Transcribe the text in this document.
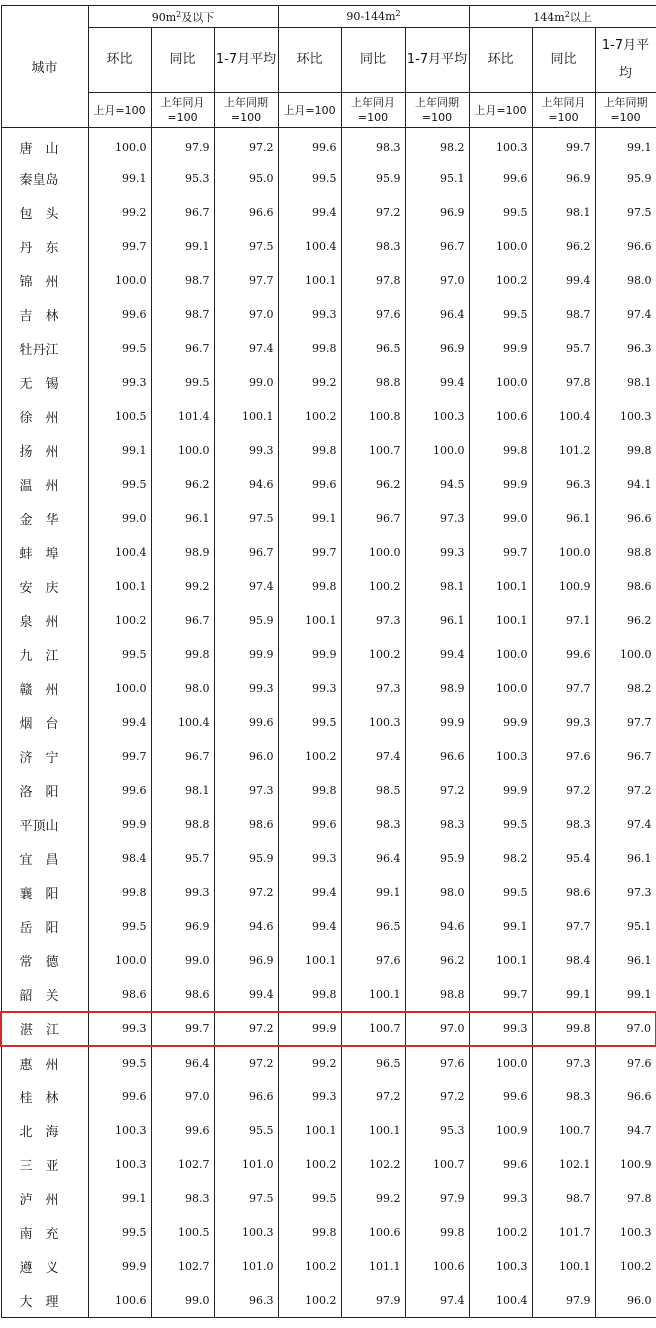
城市	$90m^2$及以下			$90-144m^2$			$144m^2$以上		
	环比	同比	1-7月平均	环比	同比	1-7月平均	环比	同比	1-7月平均
	上月=100	上年同月=100	上年同期=100	上月=100	上年同月=100	上年同期=100	上月=100	上年同月=100	上年同期=100
唐　山	100.0	97.9	97.2	99.6	98.3	98.2	100.3	99.7	99.1
秦皇岛	99.1	95.3	95.0	99.5	95.9	95.1	99.6	96.9	95.9
包　头	99.2	96.7	96.6	99.4	97.2	96.9	99.5	98.1	97.5
丹　东	99.7	99.1	97.5	100.4	98.3	96.7	100.0	96.2	96.6
锦　州	100.0	98.7	97.7	100.1	97.8	97.0	100.2	99.4	98.0
吉　林	99.6	98.7	97.0	99.3	97.6	96.4	99.5	98.7	97.4
牡丹江	99.5	96.7	97.4	99.8	96.5	96.9	99.9	95.7	96.3
无　锡	99.3	99.5	99.0	99.2	98.8	99.4	100.0	97.8	98.1
徐　州	100.5	101.4	100.1	100.2	100.8	100.3	100.6	100.4	100.3
扬　州	99.1	100.0	99.3	99.8	100.7	100.0	99.8	101.2	99.8
温　州	99.5	96.2	94.6	99.6	96.2	94.5	99.9	96.3	94.1
金　华	99.0	96.1	97.5	99.1	96.7	97.3	99.0	96.1	96.6
蚌　埠	100.4	98.9	96.7	99.7	100.0	99.3	99.7	100.0	98.8
安　庆	100.1	99.2	97.4	99.8	100.2	98.1	100.1	100.9	98.6
泉　州	100.2	96.7	95.9	100.1	97.3	96.1	100.1	97.1	96.2
九　江	99.5	99.8	99.9	99.9	100.2	99.4	100.0	99.6	100.0
赣　州	100.0	98.0	99.3	99.3	97.3	98.9	100.0	97.7	98.2
烟　台	99.4	100.4	99.6	99.5	100.3	99.9	99.9	99.3	97.7
济　宁	99.7	96.7	96.0	100.2	97.4	96.6	100.3	97.6	96.7
洛　阳	99.6	98.1	97.3	99.8	98.5	97.2	99.9	97.2	97.2
平顶山	99.9	98.8	98.6	99.6	98.3	98.3	99.5	98.3	97.4
宜　昌	98.4	95.7	95.9	99.3	96.4	95.9	98.2	95.4	96.1
襄　阳	99.8	99.3	97.2	99.4	99.1	98.0	99.5	98.6	97.3
岳　阳	99.5	96.9	94.6	99.4	96.5	94.6	99.1	97.7	95.1
常　德	100.0	99.0	96.9	100.1	97.6	96.2	100.1	98.4	96.1
韶　关	98.6	98.6	99.4	99.8	100.1	98.8	99.7	99.1	99.1
湛　江	99.3	99.7	97.2	99.9	100.7	97.0	99.3	99.8	97.0
惠　州	99.5	96.4	97.2	99.2	96.5	97.6	100.0	97.3	97.6
桂　林	99.6	97.0	96.6	99.3	97.2	97.2	99.6	98.3	96.6
北　海	100.3	99.6	95.5	100.1	100.1	95.3	100.9	100.7	94.7
三　亚	100.3	102.7	101.0	100.2	102.2	100.7	99.6	102.1	100.9
泸　州	99.1	98.3	97.5	99.5	99.2	97.9	99.3	98.7	97.8
南　充	99.5	100.5	100.3	99.8	100.6	99.8	100.2	101.7	100.3
遵　义	99.9	102.7	101.0	100.2	101.1	100.6	100.3	100.1	100.2
大　理	100.6	99.0	96.3	100.2	97.9	97.4	100.4	97.9	96.0
